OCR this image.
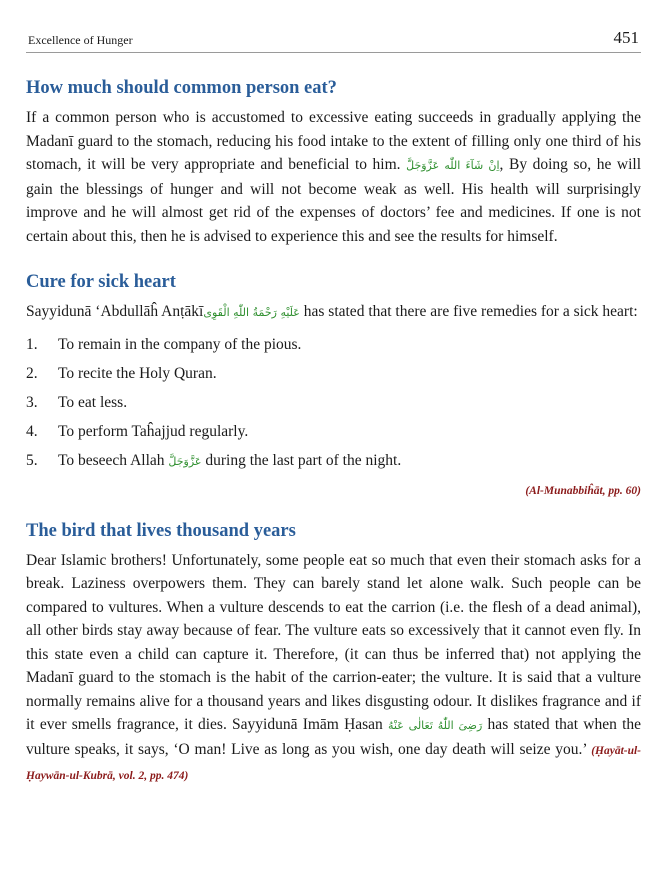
Excellence of Hunger	451
How much should common person eat?

If a common person who is accustomed to excessive eating succeeds in gradually applying the Madanī guard to the stomach, reducing his food intake to the extent of filling only one third of his stomach, it will be very appropriate and beneficial to him. اِنْ شَآءَ اللّٰه عَزَّوَجَلَّ, By doing so, he will gain the blessings of hunger and will not become weak as well. His health will surprisingly improve and he will almost get rid of the expenses of doctors’ fee and medicines. If one is not certain about this, then he is advised to experience this and see the results for himself.

Cure for sick heart

Sayyidunā ‘Abdullāĥ Anṭākīعَلَيْهِ رَحْمَةُ اللّٰهِ الْقَوِى has stated that there are five remedies for a sick heart:

1.	To remain in the company of the pious.
2.	To recite the Holy Quran.
3.	To eat less.
4.	To perform Taĥajjud regularly.
5.	To beseech Allah عَزَّوَجَلَّ during the last part of the night.
(Al-Munabbiĥāt, pp. 60)
The bird that lives thousand years

Dear Islamic brothers! Unfortunately, some people eat so much that even their stomach asks for a break. Laziness overpowers them. They can barely stand let alone walk. Such people can be compared to vultures. When a vulture descends to eat the carrion (i.e. the flesh of a dead animal), all other birds stay away because of fear. The vulture eats so excessively that it cannot even fly. In this state even a child can capture it. Therefore, (it can thus be inferred that) not applying the Madanī guard to the stomach is the habit of the carrion-eater; the vulture. It is said that a vulture normally remains alive for a thousand years and likes disgusting odour. It dislikes fragrance and if it ever smells fragrance, it dies. Sayyidunā Imām Ḥasan رَضِیَ اللّٰهُ تَعَالٰی عَنْهُ has stated that when the vulture speaks, it says, ‘O man! Live as long as you wish, one day death will seize you.’ (Ḥayāt-ul-Ḥaywān-ul-Kubrā, vol. 2, pp. 474)
